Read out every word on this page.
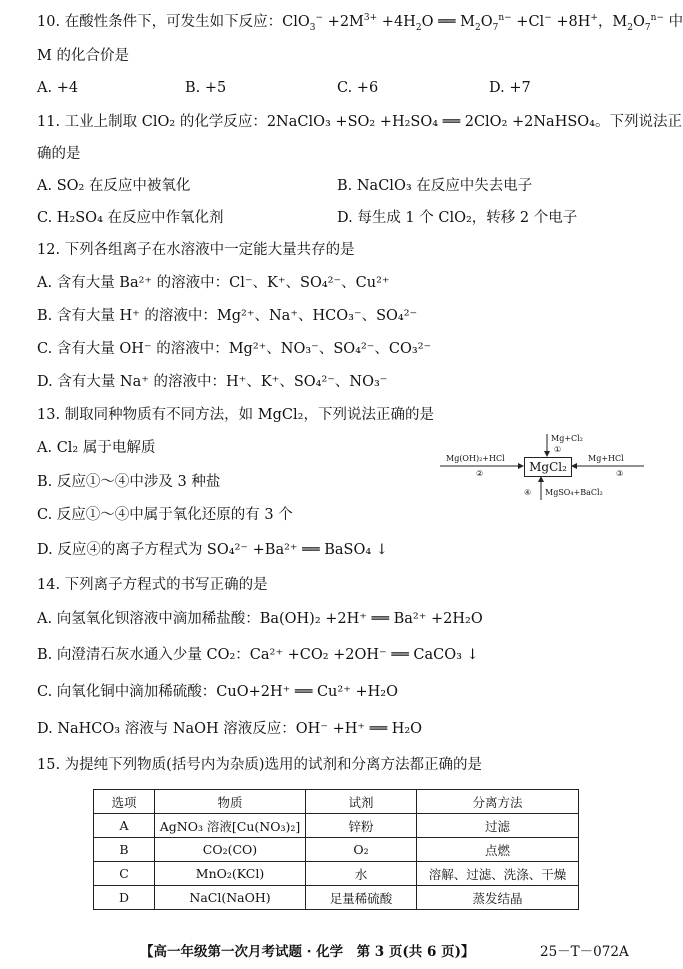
10. 在酸性条件下，可发生如下反应：$ClO_3^- +2M^{3+} +4H_2O$ ══ $M_2O_7^{n-} +Cl^- +8H^+$，$M_2O_7^{n-}$ 中
M 的化合价是
A. +4	B. +5	C. +6	D. +7
11. 工业上制取 ClO₂ 的化学反应：2NaClO₃ +SO₂ +H₂SO₄ ══ 2ClO₂ +2NaHSO₄。下列说法正
确的是
A. SO₂ 在反应中被氧化	B. NaClO₃ 在反应中失去电子
C. H₂SO₄ 在反应中作氧化剂	D. 每生成 1 个 ClO₂，转移 2 个电子
12. 下列各组离子在水溶液中一定能大量共存的是
A. 含有大量 Ba²⁺ 的溶液中：Cl⁻、K⁺、SO₄²⁻、Cu²⁺
B. 含有大量 H⁺ 的溶液中：Mg²⁺、Na⁺、HCO₃⁻、SO₄²⁻
C. 含有大量 OH⁻ 的溶液中：Mg²⁺、NO₃⁻、SO₄²⁻、CO₃²⁻
D. 含有大量 Na⁺ 的溶液中：H⁺、K⁺、SO₄²⁻、NO₃⁻
13. 制取同种物质有不同方法，如 MgCl₂，下列说法正确的是
A. Cl₂ 属于电解质
B. 反应①～④中涉及 3 种盐
C. 反应①～④中属于氧化还原的有 3 个
D. 反应④的离子方程式为 SO₄²⁻ +Ba²⁺ ══ BaSO₄ ↓
MgCl₂
Mg+Cl₂
①
Mg(OH)₂+HCl
②
Mg+HCl
③
④ MgSO₄+BaCl₂
14. 下列离子方程式的书写正确的是
A. 向氢氧化钡溶液中滴加稀盐酸：Ba(OH)₂ +2H⁺ ══ Ba²⁺ +2H₂O
B. 向澄清石灰水通入少量 CO₂：Ca²⁺ +CO₂ +2OH⁻ ══ CaCO₃ ↓
C. 向氧化铜中滴加稀硫酸：CuO+2H⁺ ══ Cu²⁺ +H₂O
D. NaHCO₃ 溶液与 NaOH 溶液反应：OH⁻ +H⁺ ══ H₂O
15. 为提纯下列物质(括号内为杂质)选用的试剂和分离方法都正确的是
选项	物质	试剂	分离方法
A	AgNO₃ 溶液[Cu(NO₃)₂]	锌粉	过滤
B	CO₂(CO)	O₂	点燃
C	MnO₂(KCl)	水	溶解、过滤、洗涤、干燥
D	NaCl(NaOH)	足量稀硫酸	蒸发结晶
【高一年级第一次月考试题 · 化学　第 3 页(共 6 页)】	25－T－072A
